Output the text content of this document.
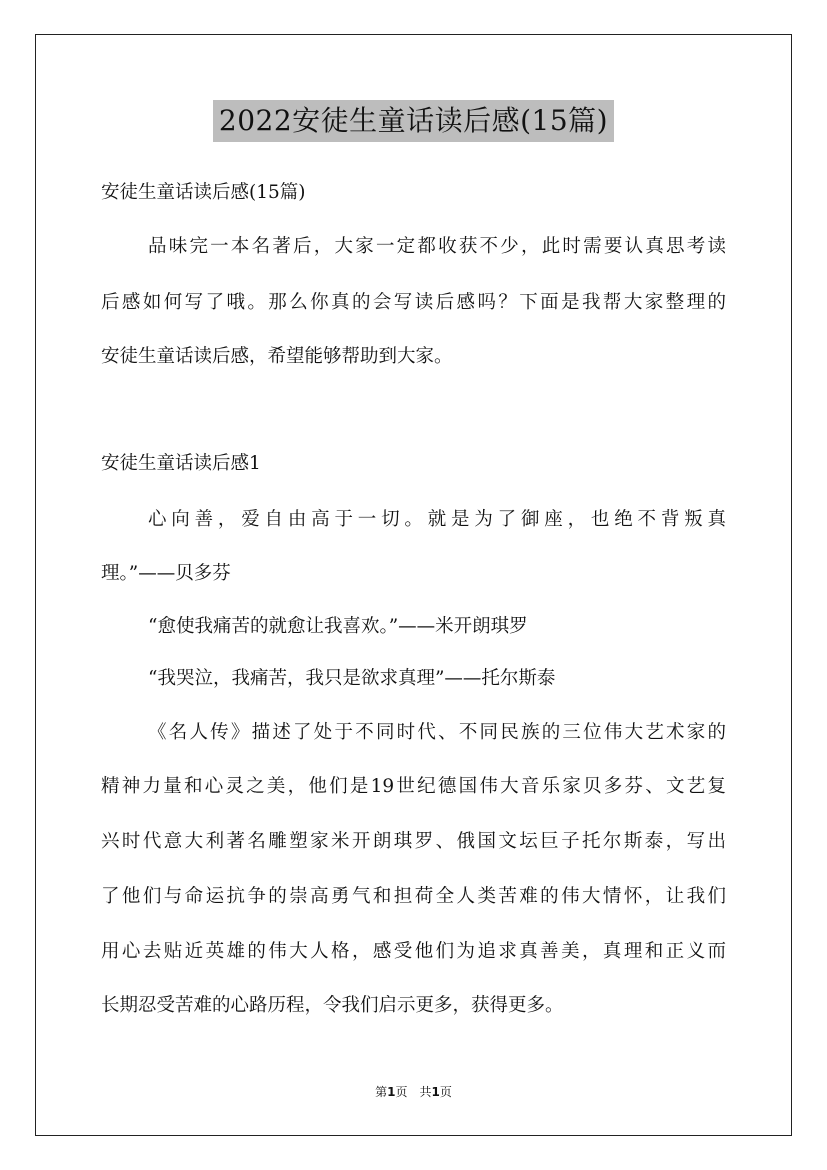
2022安徒生童话读后感(15篇)
安徒生童话读后感(15篇)
品味完一本名著后，大家一定都收获不少，此时需要认真思考读
后感如何写了哦。那么你真的会写读后感吗？下面是我帮大家整理的
安徒生童话读后感，希望能够帮助到大家。
安徒生童话读后感1
心向善，爱自由高于一切。就是为了御座，也绝不背叛真
理。”——贝多芬
“愈使我痛苦的就愈让我喜欢。”——米开朗琪罗
“我哭泣，我痛苦，我只是欲求真理”——托尔斯泰
《名人传》描述了处于不同时代、不同民族的三位伟大艺术家的
精神力量和心灵之美，他们是19世纪德国伟大音乐家贝多芬、文艺复
兴时代意大利著名雕塑家米开朗琪罗、俄国文坛巨子托尔斯泰，写出
了他们与命运抗争的崇高勇气和担荷全人类苦难的伟大情怀，让我们
用心去贴近英雄的伟大人格，感受他们为追求真善美，真理和正义而
长期忍受苦难的心路历程，令我们启示更多，获得更多。
第1页　共1页
